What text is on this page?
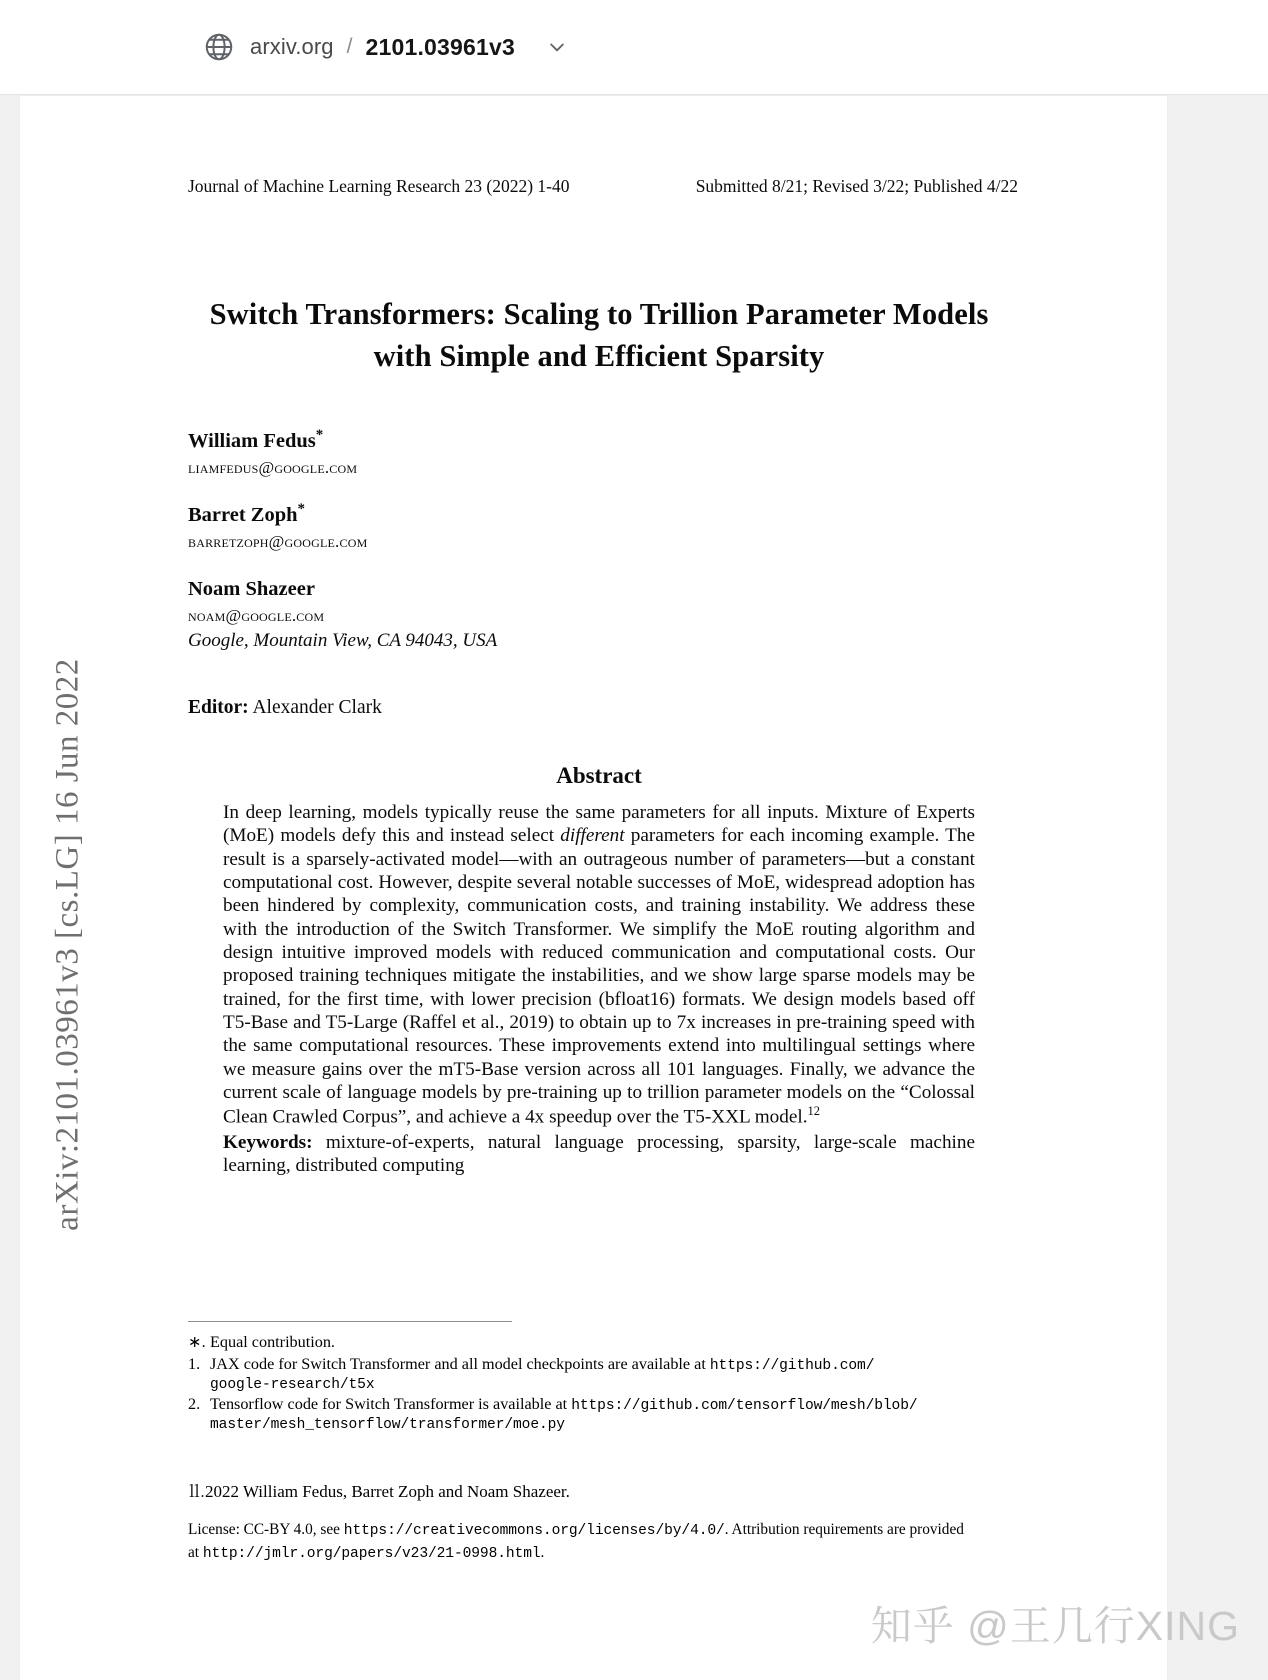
arxiv.org / 2101.03961v3
arXiv:2101.03961v3 [cs.LG] 16 Jun 2022
Journal of Machine Learning Research 23 (2022) 1-40	Submitted 8/21; Revised 3/22; Published 4/22
Switch Transformers: Scaling to Trillion Parameter Models
with Simple and Efficient Sparsity
William Fedus*
liamfedus@google.com
Barret Zoph*
barretzoph@google.com
Noam Shazeer
noam@google.com
Google, Mountain View, CA 94043, USA
Editor: Alexander Clark
Abstract
In deep learning, models typically reuse the same parameters for all inputs. Mixture of Experts (MoE) models defy this and instead select different parameters for each incoming example. The result is a sparsely-activated model—with an outrageous number of parameters—but a constant computational cost. However, despite several notable successes of MoE, widespread adoption has been hindered by complexity, communication costs, and training instability. We address these with the introduction of the Switch Transformer. We simplify the MoE routing algorithm and design intuitive improved models with reduced communication and computational costs. Our proposed training techniques mitigate the instabilities, and we show large sparse models may be trained, for the first time, with lower precision (bfloat16) formats. We design models based off T5-Base and T5-Large (Raffel et al., 2019) to obtain up to 7x increases in pre-training speed with the same computational resources. These improvements extend into multilingual settings where we measure gains over the mT5-Base version across all 101 languages. Finally, we advance the current scale of language models by pre-training up to trillion parameter models on the “Colossal Clean Crawled Corpus”, and achieve a 4x speedup over the T5-XXL model.$^{12}$
Keywords: mixture-of-experts, natural language processing, sparsity, large-scale machine learning, distributed computing
∗. Equal contribution.
1. JAX code for Switch Transformer and all model checkpoints are available at https://github.com/
google-research/t5x
2. Tensorflow code for Switch Transformer is available at https://github.com/tensorflow/mesh/blob/
master/mesh_tensorflow/transformer/moe.py
⒒2022 William Fedus, Barret Zoph and Noam Shazeer.
License: CC-BY 4.0, see https://creativecommons.org/licenses/by/4.0/. Attribution requirements are provided
at http://jmlr.org/papers/v23/21-0998.html.
知乎 @王几行XING
